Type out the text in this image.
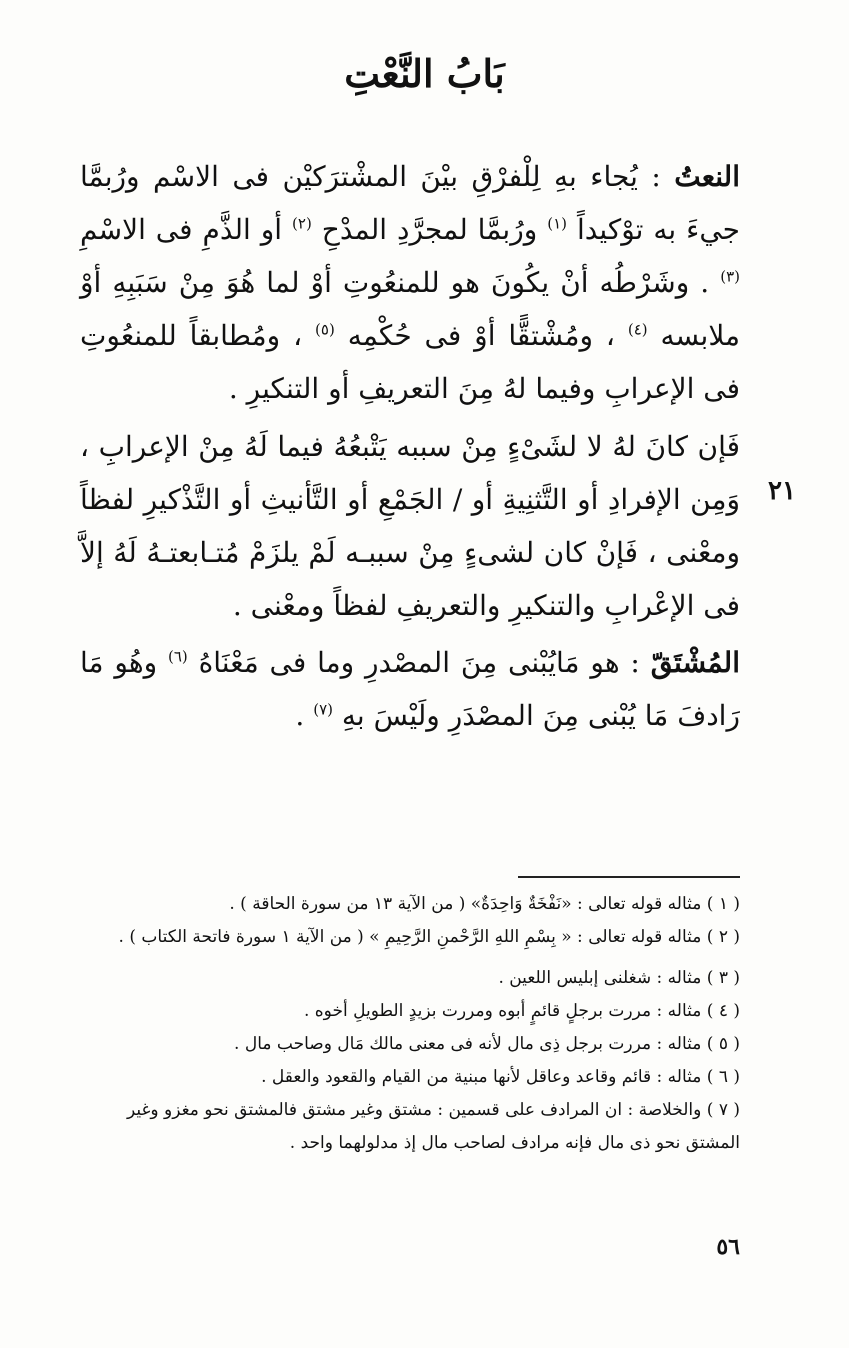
بَابُ النَّعْتِ
النعتُ : يُجاء بهِ لِلْفرْقِ بيْنَ المشْترَكيْن فى الاسْم ورُبمَّا جيءَ به توْكيداً $^{(١)}$ ورُبمَّا لمجرَّدِ المدْحِ $^{(٢)}$ أو الذَّمِ فى الاسْمِ $^{(٣)}$ . وشَرْطُه أنْ يكُونَ هو للمنعُوتِ أوْ لما هُوَ مِنْ سَبَبِهِ أوْ ملابسه $^{(٤)}$ ، ومُشْتقًّا أوْ فى حُكْمِه $^{(٥)}$ ، ومُطابقاً للمنعُوتِ فى الإعرابِ وفيما لهُ مِنَ التعريفِ أو التنكيرِ .
فَإن كانَ لهُ لا لشَىْءٍ مِنْ سببه يَتْبعُهُ فيما لَهُ مِنْ الإعرابِ ، وَمِن الإفرادِ أو التَّثنِيةِ أو / الجَمْعِ أو التَّأنيثِ أو التَّذْكيرِ لفظاً ومعْنى ، فَإنْ كان لشىءٍ مِنْ سببـه لَمْ يلزَمْ مُتـابعتـهُ لَهُ إلاَّ فى الإعْرابِ والتنكيرِ والتعريفِ لفظاً ومعْنى .
٢١
المُشْتَقّ : هو مَايُبْنى مِنَ المصْدرِ وما فى مَعْنَاهُ $^{(٦)}$ وهُو مَا رَادفَ مَا يُبْنى مِنَ المصْدَرِ ولَيْسَ بهِ $^{(٧)}$ .

( ١ ) مثاله قوله تعالى : «نَفْخَةٌ وَاحِدَةٌ» ( من الآية ١٣ من سورة الحاقة ) .

( ٢ ) مثاله قوله تعالى : « بِسْمِ اللهِ الرَّحْمنِ الرَّحِيمِ » ( من الآية ١ سورة فاتحة الكتاب ) .

( ٣ ) مثاله : شغلنى إبليس اللعين .

( ٤ ) مثاله : مررت برجلٍ قائمٍ أبوه ومررت بزيدٍ الطويلِ أخوه .

( ٥ ) مثاله : مررت برجل ذِى مال لأنه فى معنى مالك مَال وصاحب مال .

( ٦ ) مثاله : قائم وقاعد وعاقل لأنها مبنية من القيام والقعود والعقل .

( ٧ ) والخلاصة : ان المرادف على قسمين : مشتق وغير مشتق فالمشتق نحو مغزو وغير المشتق نحو ذى مال فإنه مرادف لصاحب مال إذ مدلولهما واحد .

٥٦
